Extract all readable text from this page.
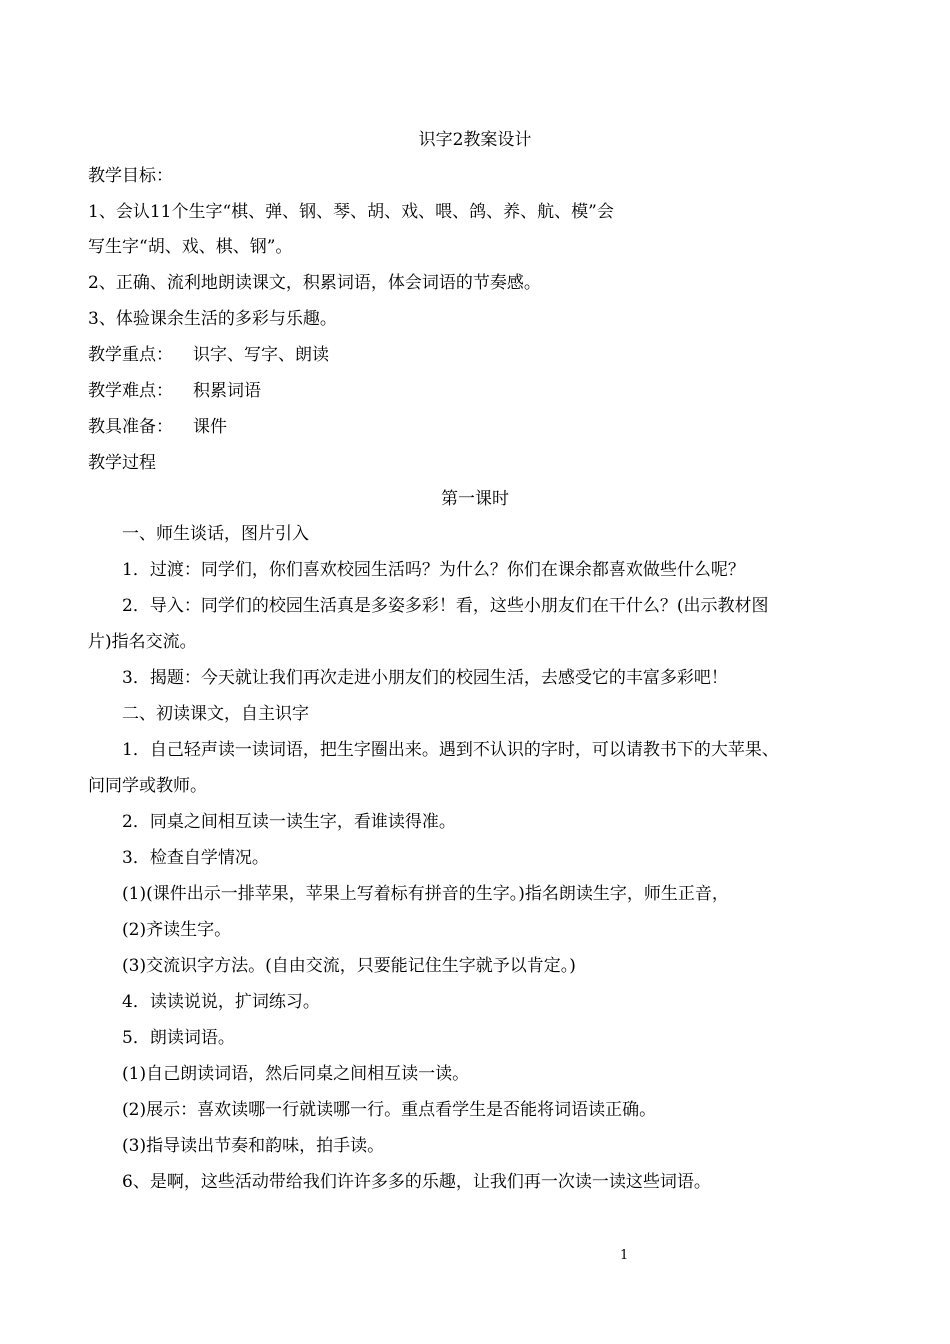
识字2教案设计
教学目标：
1、会认11个生字“棋、弹、钢、琴、胡、戏、喂、鸽、养、航、模”会
写生字“胡、戏、棋、钢”。
2、正确、流利地朗读课文，积累词语，体会词语的节奏感。
3、体验课余生活的多彩与乐趣。
教学重点： 识字、写字、朗读
教学难点： 积累词语
教具准备： 课件
教学过程
第一课时
一、师生谈话，图片引入
1．过渡：同学们，你们喜欢校园生活吗？为什么？你们在课余都喜欢做些什么呢？
2．导入：同学们的校园生活真是多姿多彩！看，这些小朋友们在干什么？(出示教材图
片)指名交流。
3．揭题：今天就让我们再次走进小朋友们的校园生活，去感受它的丰富多彩吧！
二、初读课文，自主识字
1．自己轻声读一读词语，把生字圈出来。遇到不认识的字时，可以请教书下的大苹果、
问同学或教师。
2．同桌之间相互读一读生字，看谁读得准。
3．检查自学情况。
(1)(课件出示一排苹果，苹果上写着标有拼音的生字。)指名朗读生字，师生正音，
(2)齐读生字。
(3)交流识字方法。(自由交流，只要能记住生字就予以肯定。)
4．读读说说，扩词练习。
5．朗读词语。
(1)自己朗读词语，然后同桌之间相互读一读。
(2)展示：喜欢读哪一行就读哪一行。重点看学生是否能将词语读正确。
(3)指导读出节奏和韵味，拍手读。
6、是啊，这些活动带给我们许许多多的乐趣，让我们再一次读一读这些词语。
1
